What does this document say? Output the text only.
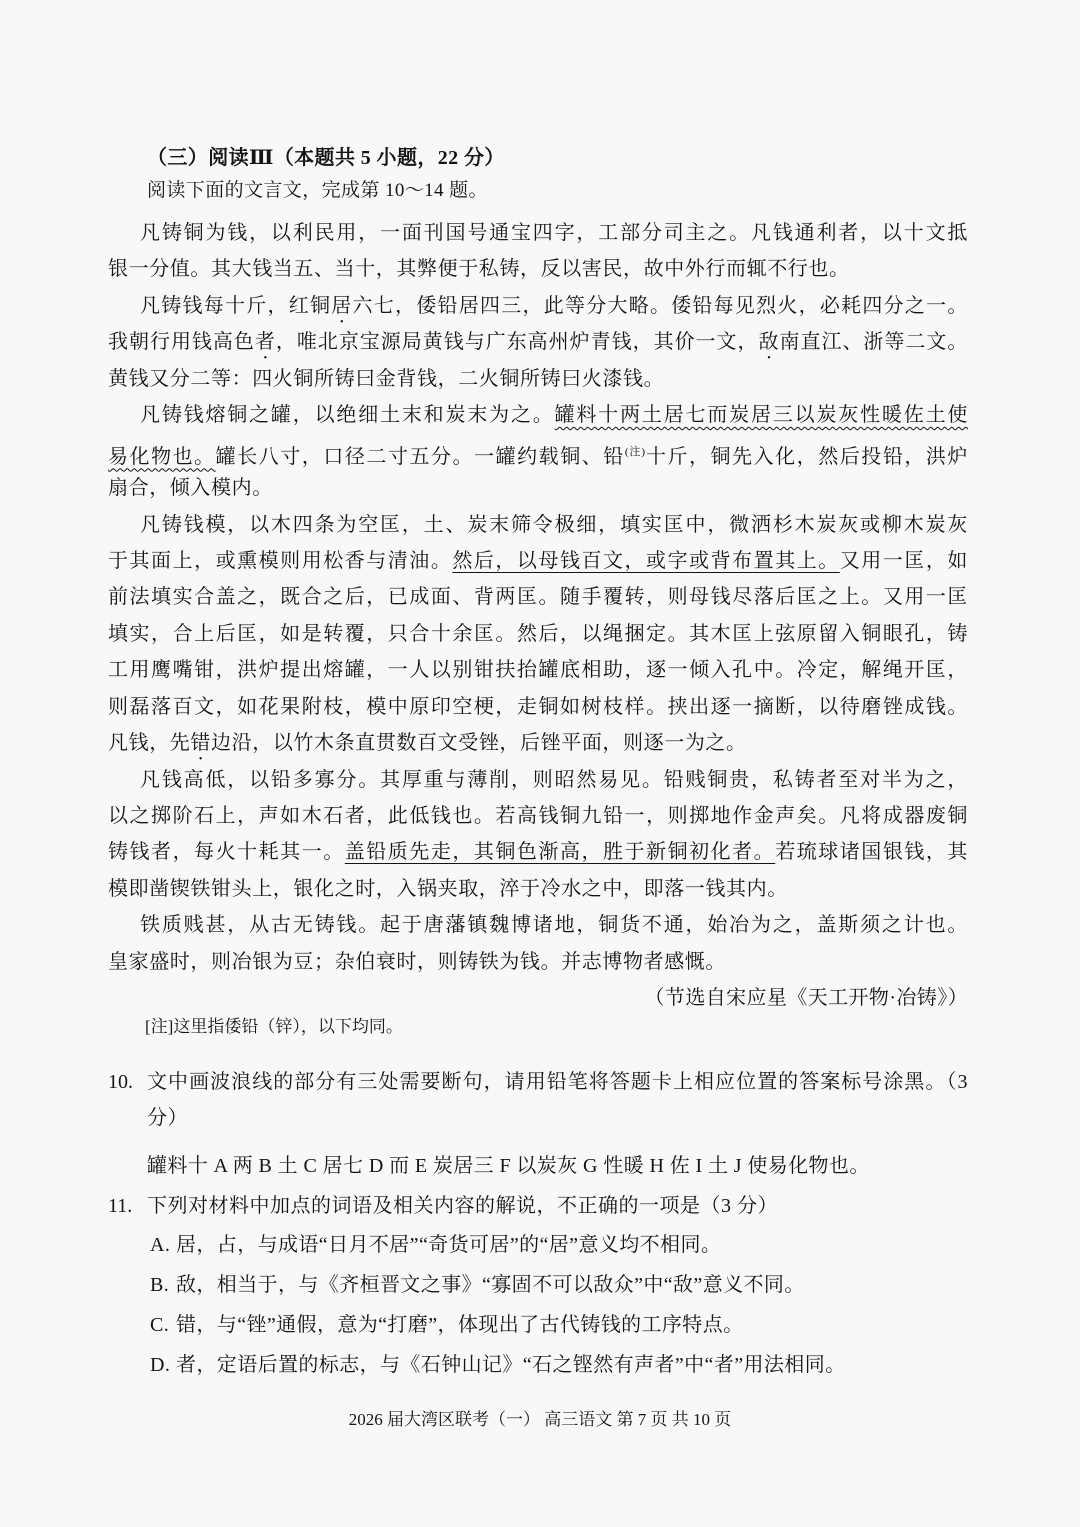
（三）阅读Ⅲ（本题共 5 小题，22 分）
阅读下面的文言文，完成第 10～14 题。
凡铸铜为钱，以利民用，一面刊国号通宝四字，工部分司主之。凡钱通利者，以十文抵
银一分值。其大钱当五、当十，其弊便于私铸，反以害民，故中外行而辄不行也。
凡铸钱每十斤，红铜居六七，倭铅居四三，此等分大略。倭铅每见烈火，必耗四分之一。
我朝行用钱高色者，唯北京宝源局黄钱与广东高州炉青钱，其价一文，敌南直江、浙等二文。
黄钱又分二等：四火铜所铸曰金背钱，二火铜所铸曰火漆钱。
凡铸钱熔铜之罐，以绝细土末和炭末为之。罐料十两土居七而炭居三以炭灰性暖佐土使
易化物也。罐长八寸，口径二寸五分。一罐约载铜、铅$^{(注)}$十斤，铜先入化，然后投铅，洪炉
扇合，倾入模内。
凡铸钱模，以木四条为空匡，土、炭末筛令极细，填实匡中，微洒杉木炭灰或柳木炭灰
于其面上，或熏模则用松香与清油。然后，以母钱百文，或字或背布置其上。又用一匡，如
前法填实合盖之，既合之后，已成面、背两匡。随手覆转，则母钱尽落后匡之上。又用一匡
填实，合上后匡，如是转覆，只合十余匡。然后，以绳捆定。其木匡上弦原留入铜眼孔，铸
工用鹰嘴钳，洪炉提出熔罐，一人以别钳扶抬罐底相助，逐一倾入孔中。冷定，解绳开匡，
则磊落百文，如花果附枝，模中原印空梗，走铜如树枝样。挟出逐一摘断，以待磨锉成钱。
凡钱，先错边沿，以竹木条直贯数百文受锉，后锉平面，则逐一为之。
凡钱高低，以铅多寡分。其厚重与薄削，则昭然易见。铅贱铜贵，私铸者至对半为之，
以之掷阶石上，声如木石者，此低钱也。若高钱铜九铅一，则掷地作金声矣。凡将成器废铜
铸钱者，每火十耗其一。盖铅质先走，其铜色渐高，胜于新铜初化者。若琉球诸国银钱，其
模即凿锲铁钳头上，银化之时，入锅夹取，淬于冷水之中，即落一钱其内。
铁质贱甚，从古无铸钱。起于唐藩镇魏博诸地，铜货不通，始冶为之，盖斯须之计也。
皇家盛时，则冶银为豆；杂伯衰时，则铸铁为钱。并志博物者感慨。
（节选自宋应星《天工开物·冶铸》）
[注]这里指倭铅（锌），以下均同。
10. 文中画波浪线的部分有三处需要断句，请用铅笔将答题卡上相应位置的答案标号涂黑。（3 分）
罐料十 A 两 B 土 C 居七 D 而 E 炭居三 F 以炭灰 G 性暖 H 佐 I 土 J 使易化物也。
11. 下列对材料中加点的词语及相关内容的解说，不正确的一项是（3 分）
A. 居，占，与成语“日月不居”“奇货可居”的“居”意义均不相同。
B. 敌，相当于，与《齐桓晋文之事》“寡固不可以敌众”中“敌”意义不同。
C. 错，与“锉”通假，意为“打磨”，体现出了古代铸钱的工序特点。
D. 者，定语后置的标志，与《石钟山记》“石之铿然有声者”中“者”用法相同。
2026 届大湾区联考（一） 高三语文 第 7 页 共 10 页
